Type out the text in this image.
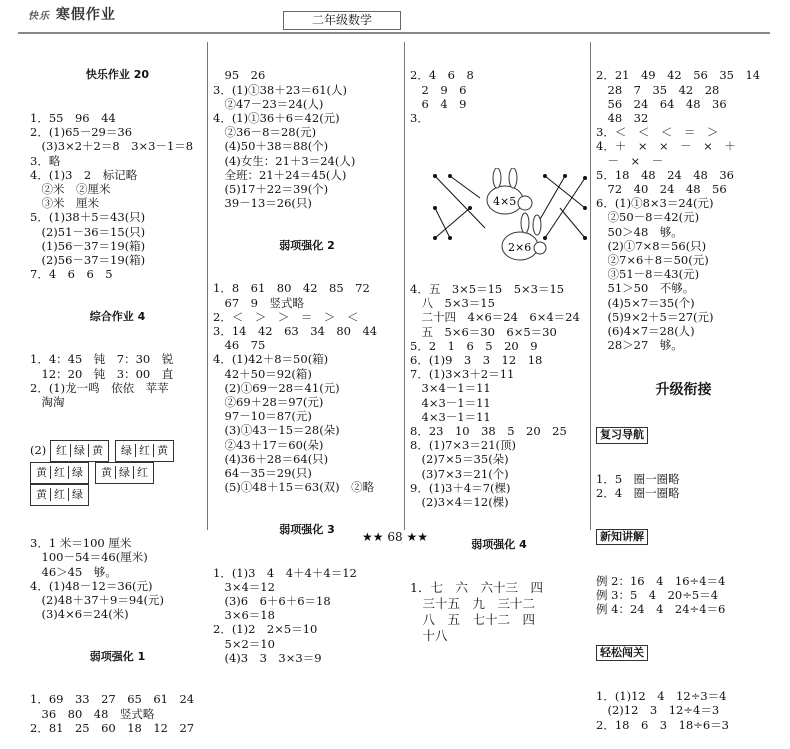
快乐 寒假作业	二年级数学

快乐作业 20

1．55　96　44
2．(1)65－29＝36
　(3)3×2＋2＝8　3×3－1＝8
3．略
4．(1)3　2　标记略
　②米　②厘米
　③米　厘米
5．(1)38＋5＝43(只)
　(2)51－36＝15(只)
　(1)56－37＝19(箱)
　(2)56－37＝19(箱)
7．4　6　6　5

综合作业 4

1．4：45　钝　7：30　锐
　12：20　钝　3：00　直
2．(1)龙一鸣　依依　苹苹
　淘淘

(2) 红 绿 黄 绿 红 黄黄 红 绿 黄 绿 红黄 红 绿

3．1 米＝100 厘米
　100－54＝46(厘米)
　46＞45　够。
4．(1)48－12＝36(元)
　(2)48＋37＋9＝94(元)
　(3)4×6＝24(米)

弱项强化 1

1．69　33　27　65　61　24
　36　80　48　竖式略
2．81　25　60　18　12　27

　95　26
3．(1)①38＋23＝61(人)
　②47－23＝24(人)
4．(1)①36＋6＝42(元)
　②36－8＝28(元)
　(4)50＋38＝88(个)
　(4)女生：21＋3＝24(人)
　全班：21＋24＝45(人)
　(5)17＋22＝39(个)
　39－13＝26(只)

弱项强化 2

1．8　61　80　42　85　72
　67　9　竖式略
2．＜　＞　＞　＝　＞　＜
3．14　42　63　34　80　44
　46　75
4．(1)42＋8＝50(箱)
　42＋50＝92(箱)
　(2)①69－28＝41(元)
　②69＋28＝97(元)
　97－10＝87(元)
　(3)①43－15＝28(朵)
　②43＋17＝60(朵)
　(4)36＋28＝64(只)
　64－35＝29(只)
　(5)①48＋15＝63(双)　②略

弱项强化 3

1．(1)3　4　4＋4＋4＝12
　3×4＝12
　(3)6　6＋6＋6＝18
　3×6＝18
2．(1)2　2×5＝10
　5×2＝10
　(4)3　3　3×3＝9

2．4　6　8
　2　9　6
　6　4　9
3．

4×5
2×6

4．五　3×5＝15　5×3＝15
　八　5×3＝15
　二十四　4×6＝24　6×4＝24
　五　5×6＝30　6×5＝30
5．2　1　6　5　20　9
6．(1)9　3　3　12　18
7．(1)3×3＋2＝11
　3×4－1＝11
　4×3－1＝11
　4×3－1＝11
8．23　10　38　5　20　25
8．(1)7×3＝21(顶)
　(2)7×5＝35(朵)
　(3)7×3＝21(个)
9．(1)3＋4＝7(棵)
　(2)3×4＝12(棵)

弱项强化 4

1．七　六　六十三　四
　三十五　九　三十二
　八　五　七十二　四
　十八

2．21　49　42　56　35　14
　28　7　35　42　28
　56　24　64　48　36
　48　32
3．＜　＜　＜　＝　＞
4．＋　×　×　－　×　＋
　－　×　－
5．18　48　24　48　36
　72　40　24　48　56
6．(1)①8×3＝24(元)
　②50－8＝42(元)
　50＞48　够。
　(2)①7×8＝56(只)
　②7×6＋8＝50(元)
　③51－8＝43(元)
　51＞50　不够。
　(4)5×7＝35(个)
　(5)9×2＋5＝27(元)
　(6)4×7＝28(人)
　28＞27　够。

升级衔接

复习导航

1．5　圈一圈略
2．4　圈一圈略

新知讲解

例 2：16　4　16÷4＝4
例 3：5　4　20÷5＝4
例 4：24　4　24÷4＝6

轻松闯关

1．(1)12　4　12÷3＝4
　(2)12　3　12÷4＝3
2．18　6　3　18÷6＝3

★★ 68 ★★
